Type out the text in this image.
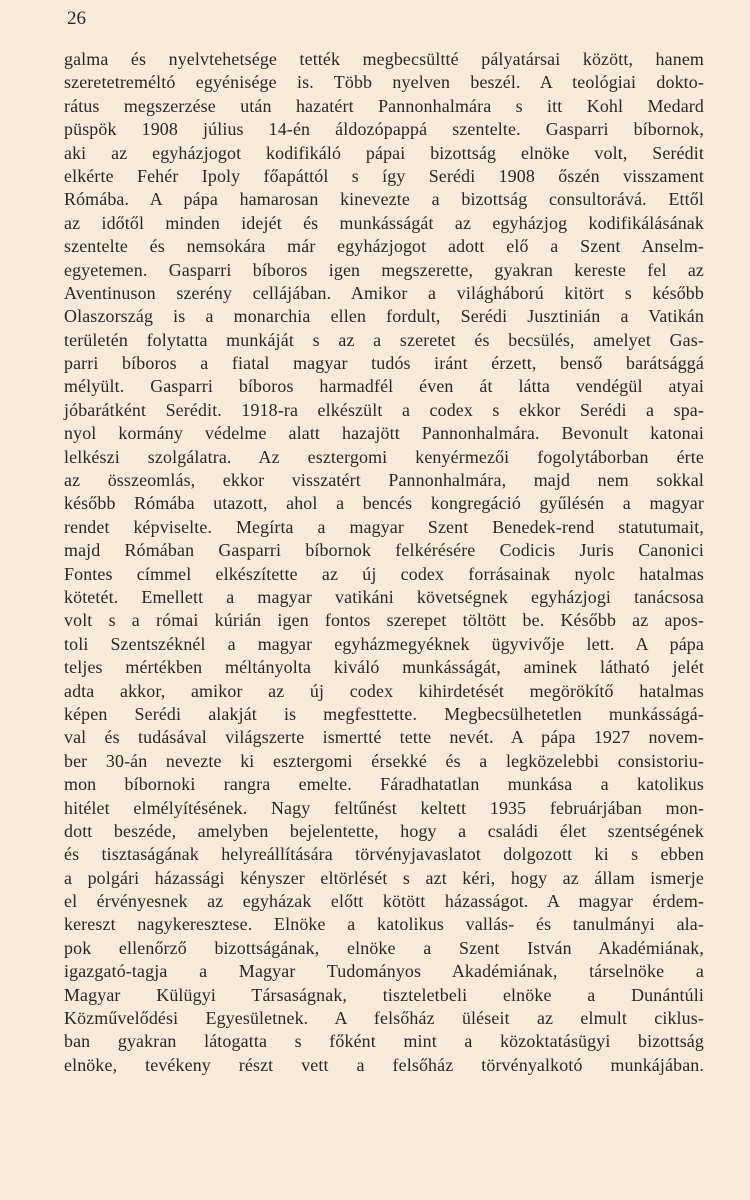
26
galma és nyelvtehetsége tették megbecsültté pályatársai között, hanem
szeretetreméltó egyénisége is. Több nyelven beszél. A teológiai dokto-
rátus megszerzése után hazatért Pannonhalmára s itt Kohl Medard
püspök 1908 július 14-én áldozópappá szentelte. Gasparri bíbornok,
aki az egyházjogot kodifikáló pápai bizottság elnöke volt, Serédit
elkérte Fehér Ipoly főapáttól s így Serédi 1908 őszén visszament
Rómába. A pápa hamarosan kinevezte a bizottság consultorává. Ettől
az időtől minden idejét és munkásságát az egyházjog kodifikálásának
szentelte és nemsokára már egyházjogot adott elő a Szent Anselm-
egyetemen. Gasparri bíboros igen megszerette, gyakran kereste fel az
Aventinuson szerény cellájában. Amikor a világháború kitört s később
Olaszország is a monarchia ellen fordult, Serédi Jusztinián a Vatikán
területén folytatta munkáját s az a szeretet és becsülés, amelyet Gas-
parri bíboros a fiatal magyar tudós iránt érzett, benső barátsággá
mélyült. Gasparri bíboros harmadfél éven át látta vendégül atyai
jóbarátként Serédit. 1918-ra elkészült a codex s ekkor Serédi a spa-
nyol kormány védelme alatt hazajött Pannonhalmára. Bevonult katonai
lelkészi szolgálatra. Az esztergomi kenyérmezői fogolytáborban érte
az összeomlás, ekkor visszatért Pannonhalmára, majd nem sokkal
később Rómába utazott, ahol a bencés kongregáció gyűlésén a magyar
rendet képviselte. Megírta a magyar Szent Benedek-rend statutumait,
majd Rómában Gasparri bíbornok felkérésére Codicis Juris Canonici
Fontes címmel elkészítette az új codex forrásainak nyolc hatalmas
kötetét. Emellett a magyar vatikáni követségnek egyházjogi tanácsosa
volt s a római kúrián igen fontos szerepet töltött be. Később az apos-
toli Szentszéknél a magyar egyházmegyéknek ügyvivője lett. A pápa
teljes mértékben méltányolta kiváló munkásságát, aminek látható jelét
adta akkor, amikor az új codex kihirdetését megörökítő hatalmas
képen Serédi alakját is megfesttette. Megbecsülhetetlen munkásságá-
val és tudásával világszerte ismertté tette nevét. A pápa 1927 novem-
ber 30-án nevezte ki esztergomi érsekké és a legközelebbi consistoriu-
mon bíbornoki rangra emelte. Fáradhatatlan munkása a katolikus
hitélet elmélyítésének. Nagy feltűnést keltett 1935 februárjában mon-
dott beszéde, amelyben bejelentette, hogy a családi élet szentségének
és tisztaságának helyreállítására törvényjavaslatot dolgozott ki s ebben
a polgári házassági kényszer eltörlését s azt kéri, hogy az állam ismerje
el érvényesnek az egyházak előtt kötött házasságot. A magyar érdem-
kereszt nagykeresztese. Elnöke a katolikus vallás- és tanulmányi ala-
pok ellenőrző bizottságának, elnöke a Szent István Akadémiának,
igazgató-tagja a Magyar Tudományos Akadémiának, társelnöke a
Magyar Külügyi Társaságnak, tiszteletbeli elnöke a Dunántúli
Közművelődési Egyesületnek. A felsőház üléseit az elmult ciklus-
ban gyakran látogatta s főként mint a közoktatásügyi bizottság
elnöke, tevékeny részt vett a felsőház törvényalkotó munkájában.
